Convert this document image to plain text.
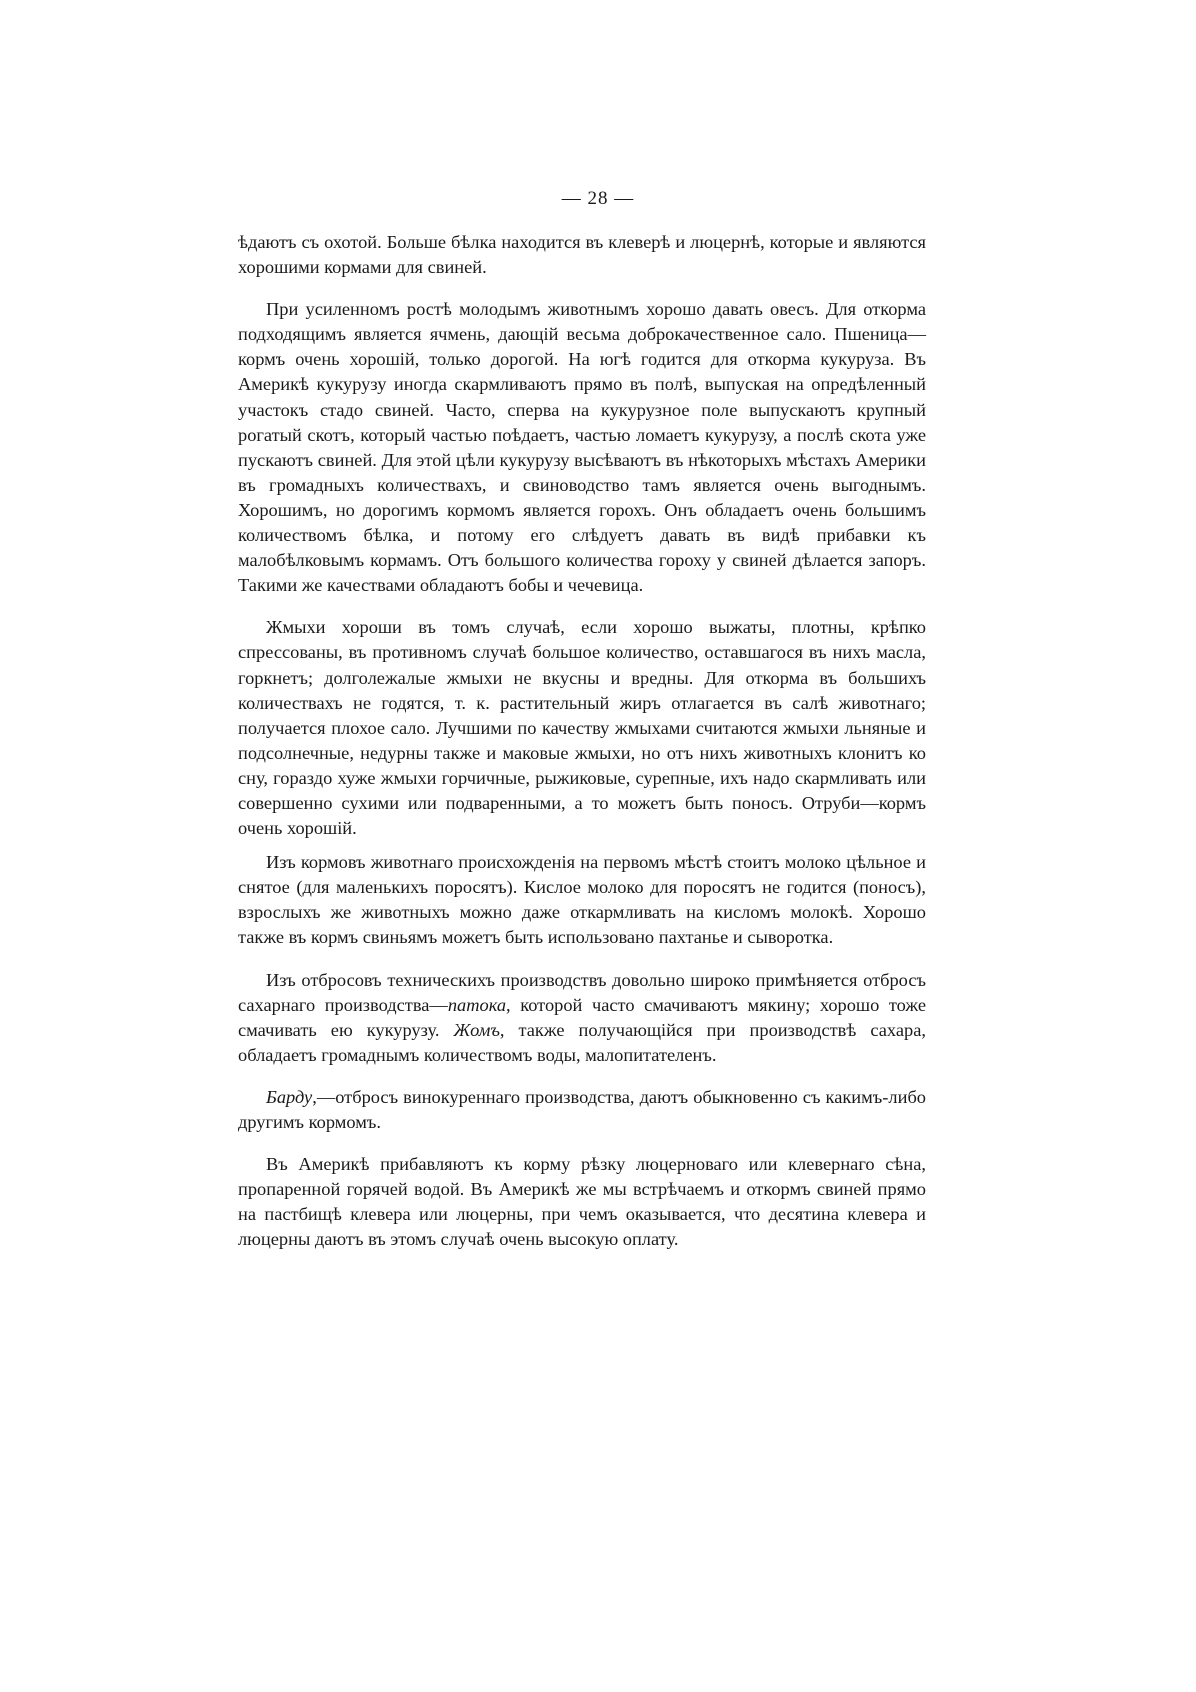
— 28 —

ѣдаютъ съ охотой. Больше бѣлка находится въ клеверѣ и люцернѣ, которые и являются хорошими кормами для свиней.

При усиленномъ ростѣ молодымъ животнымъ хорошо давать овесъ. Для откорма подходящимъ является ячмень, дающій весьма доброкачественное сало. Пшеница—кормъ очень хорошій, только дорогой. На югѣ годится для откорма кукуруза. Въ Америкѣ кукурузу иногда скармливаютъ прямо въ полѣ, выпуская на опредѣленный участокъ стадо свиней. Часто, сперва на кукурузное поле выпускаютъ крупный рогатый скотъ, который частью поѣдаетъ, частью ломаетъ кукурузу, а послѣ скота уже пускаютъ свиней. Для этой цѣли кукурузу высѣваютъ въ нѣкоторыхъ мѣстахъ Америки въ громадныхъ количествахъ, и свиноводство тамъ является очень выгоднымъ. Хорошимъ, но дорогимъ кормомъ является горохъ. Онъ обладаетъ очень большимъ количествомъ бѣлка, и потому его слѣдуетъ давать въ видѣ прибавки къ малобѣлковымъ кормамъ. Отъ большого количества гороху у свиней дѣлается запоръ. Такими же качествами обладаютъ бобы и чечевица.

Жмыхи хороши въ томъ случаѣ, если хорошо выжаты, плотны, крѣпко спрессованы, въ противномъ случаѣ большое количество, оставшагося въ нихъ масла, горкнетъ; долголежалые жмыхи не вкусны и вредны. Для откорма въ большихъ количествахъ не годятся, т. к. растительный жиръ отлагается въ салѣ животнаго; получается плохое сало. Лучшими по качеству жмыхами считаются жмыхи льняные и подсолнечные, недурны также и маковые жмыхи, но отъ нихъ животныхъ клонитъ ко сну, гораздо хуже жмыхи горчичные, рыжиковые, сурепные, ихъ надо скармливать или совершенно сухими или подваренными, а то можетъ быть поносъ. Отруби—кормъ очень хорошій.

Изъ кормовъ животнаго происхожденія на первомъ мѣстѣ стоитъ молоко цѣльное и снятое (для маленькихъ поросятъ). Кислое молоко для поросятъ не годится (поносъ), взрослыхъ же животныхъ можно даже откармливать на кисломъ молокѣ. Хорошо также въ кормъ свиньямъ можетъ быть использовано пахтанье и сыворотка.

Изъ отбросовъ техническихъ производствъ довольно широко примѣняется отбросъ сахарнаго производства—патока, которой часто смачиваютъ мякину; хорошо тоже смачивать ею кукурузу. Жомъ, также получающійся при производствѣ сахара, обладаетъ громаднымъ количествомъ воды, малопитателенъ.

Барду,—отбросъ винокуреннаго производства, даютъ обыкновенно съ какимъ-либо другимъ кормомъ.

Въ Америкѣ прибавляютъ къ корму рѣзку люцерноваго или клевернаго сѣна, пропаренной горячей водой. Въ Америкѣ же мы встрѣчаемъ и откормъ свиней прямо на пастбищѣ клевера или люцерны, при чемъ оказывается, что десятина клевера и люцерны даютъ въ этомъ случаѣ очень высокую оплату.
